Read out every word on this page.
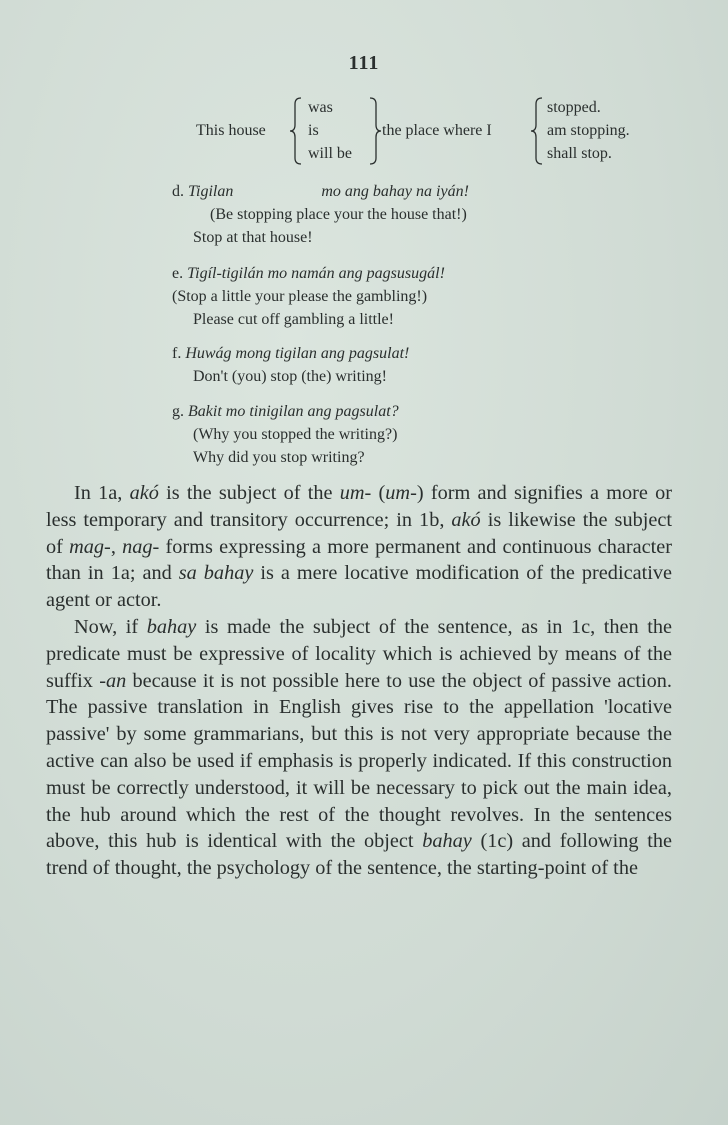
111
This house
was
is
will be
the place where I
stopped.
am stopping.
shall stop.
d. Tigilan	mo ang bahay na iyán!
(Be stopping place your the house that!)
Stop at that house!
e. Tigíl-tigilán mo namán ang pagsusugál!
(Stop a little your please the gambling!)
Please cut off gambling a little!
f. Huwág mong tigilan ang pagsulat!
Don't (you) stop (the) writing!
g. Bakit mo tinigilan ang pagsulat?
(Why you stopped the writing?)
Why did you stop writing?

In 1a, akó is the subject of the um- (um-) form and signifies a more or less temporary and transitory occurrence; in 1b, akó is likewise the subject of mag-, nag- forms expressing a more permanent and continuous character than in 1a; and sa bahay is a mere locative modification of the predicative agent or actor.

Now, if bahay is made the subject of the sentence, as in 1c, then the predicate must be expressive of locality which is achieved by means of the suffix -an because it is not possible here to use the object of passive action. The passive translation in English gives rise to the appellation 'locative passive' by some grammarians, but this is not very appropriate because the active can also be used if emphasis is properly indicated. If this construction must be correctly understood, it will be necessary to pick out the main idea, the hub around which the rest of the thought revolves. In the sentences above, this hub is identical with the object bahay (1c) and following the trend of thought, the psychology of the sentence, the starting-point of the
